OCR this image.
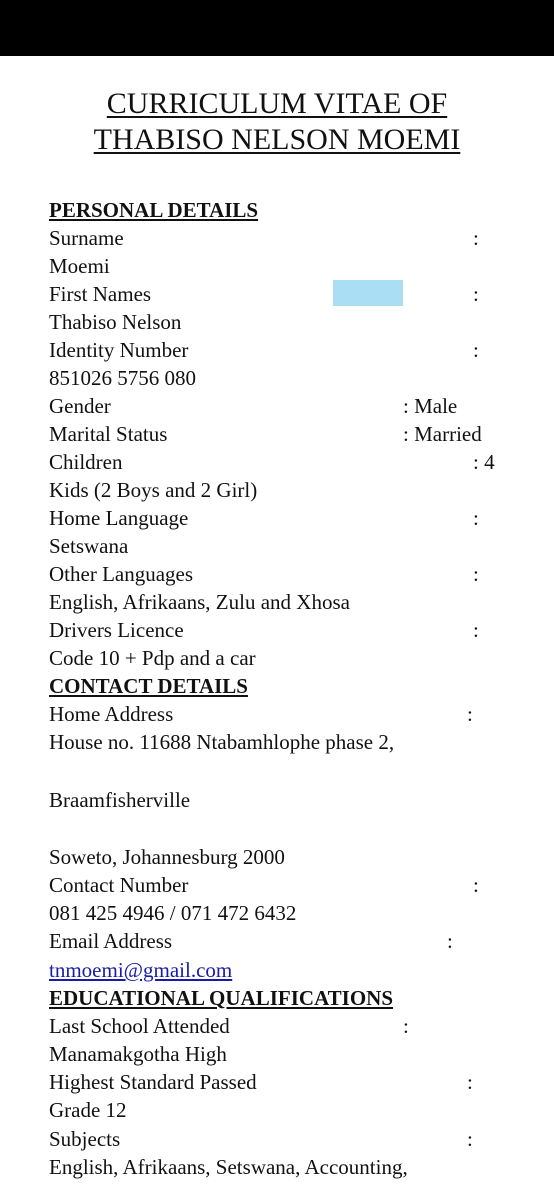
CURRICULUM VITAE OF
THABISO NELSON MOEMI
PERSONAL DETAILS
Surname	:
Moemi
First Names	:
Thabiso Nelson
Identity Number	:
851026 5756 080
Gender	: Male
Marital Status	: Married
Children	: 4
Kids (2 Boys and 2 Girl)
Home Language	:
Setswana
Other Languages	:
English, Afrikaans, Zulu and Xhosa
Drivers Licence	:
Code 10 + Pdp and a car
CONTACT DETAILS
Home Address	:
House no. 11688 Ntabamhlophe phase 2,
Braamfisherville
Soweto, Johannesburg 2000
Contact Number	:
081 425 4946 / 071 472 6432
Email Address	:
tnmoemi@gmail.com
EDUCATIONAL QUALIFICATIONS
Last School Attended	:
Manamakgotha High
Highest Standard Passed	:
Grade 12
Subjects	:
English, Afrikaans, Setswana, Accounting,
